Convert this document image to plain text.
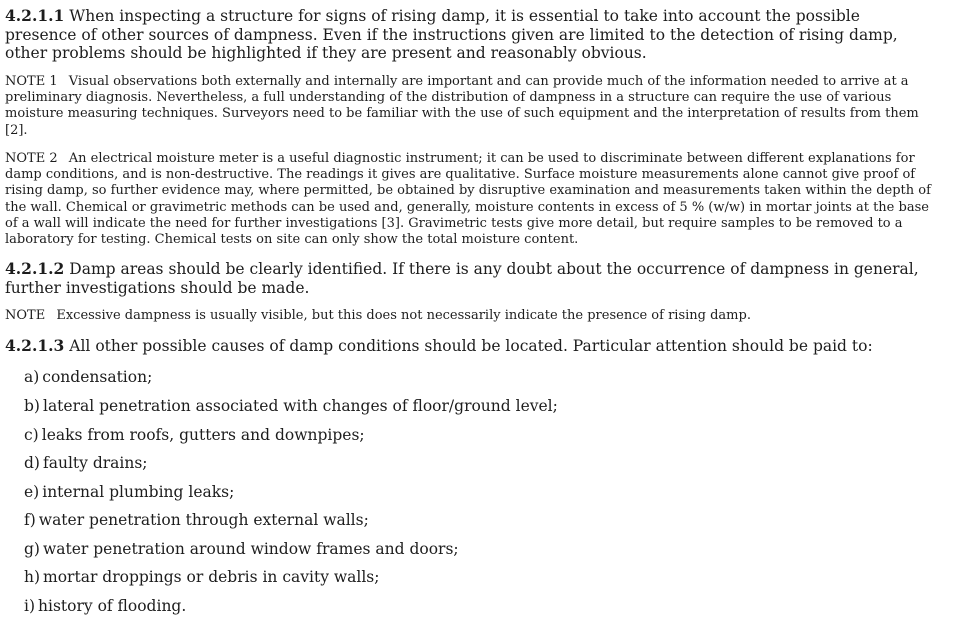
4.2.1.1 When inspecting a structure for signs of rising damp, it is essential to take into account the possible presence of other sources of dampness. Even if the instructions given are limited to the detection of rising damp, other problems should be highlighted if they are present and reasonably obvious.

NOTE 1 Visual observations both externally and internally are important and can provide much of the information needed to arrive at a preliminary diagnosis. Nevertheless, a full understanding of the distribution of dampness in a structure can require the use of various moisture measuring techniques. Surveyors need to be familiar with the use of such equipment and the interpretation of results from them [2].

NOTE 2 An electrical moisture meter is a useful diagnostic instrument; it can be used to discriminate between different explanations for damp conditions, and is non-destructive. The readings it gives are qualitative. Surface moisture measurements alone cannot give proof of rising damp, so further evidence may, where permitted, be obtained by disruptive examination and measurements taken within the depth of the wall. Chemical or gravimetric methods can be used and, generally, moisture contents in excess of 5 % (w/w) in mortar joints at the base of a wall will indicate the need for further investigations [3]. Gravimetric tests give more detail, but require samples to be removed to a laboratory for testing. Chemical tests on site can only show the total moisture content.

4.2.1.2 Damp areas should be clearly identified. If there is any doubt about the occurrence of dampness in general, further investigations should be made.

NOTE Excessive dampness is usually visible, but this does not necessarily indicate the presence of rising damp.

4.2.1.3 All other possible causes of damp conditions should be located. Particular attention should be paid to:

a) condensation;
b) lateral penetration associated with changes of floor/ground level;
c) leaks from roofs, gutters and downpipes;
d) faulty drains;
e) internal plumbing leaks;
f) water penetration through external walls;
g) water penetration around window frames and doors;
h) mortar droppings or debris in cavity walls;
i) history of flooding.
